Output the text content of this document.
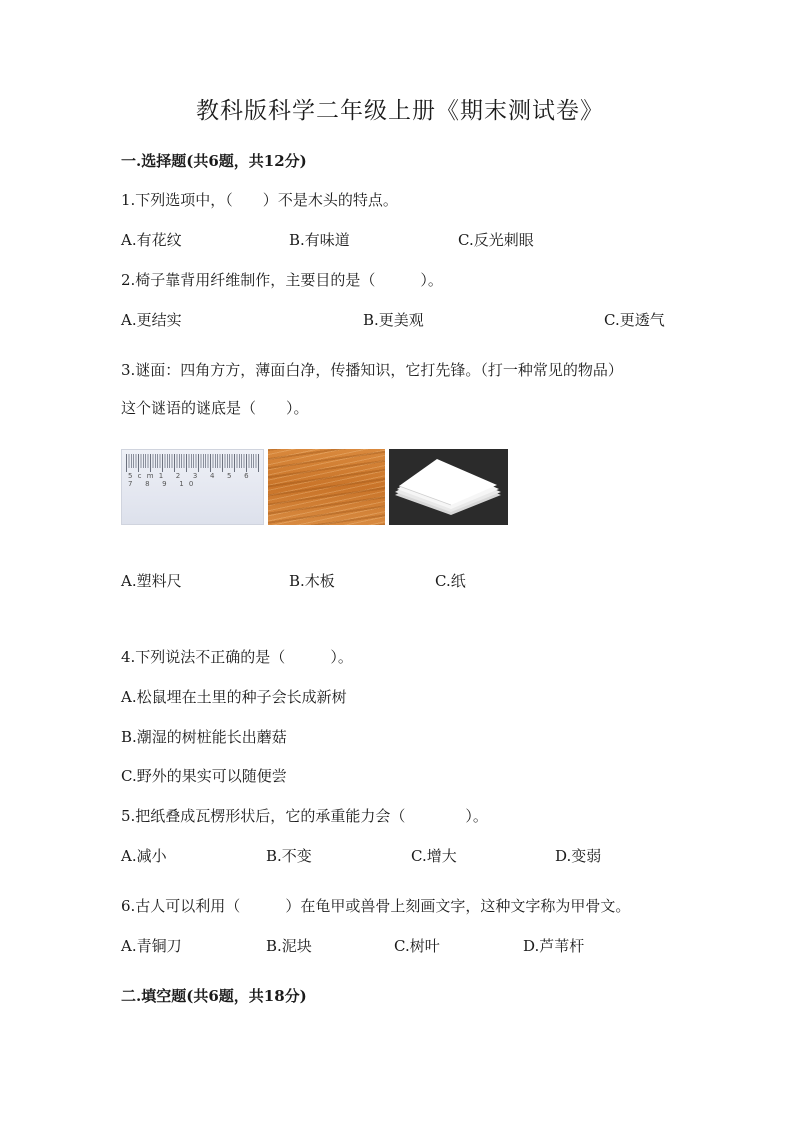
教科版科学二年级上册《期末测试卷》
一.选择题(共6题，共12分)
1.下列选项中，（　　）不是木头的特点。
A.有花纹	B.有味道	C.反光刺眼
2.椅子靠背用纤维制作，主要目的是（　　　）。
A.更结实	B.更美观	C.更透气
3.谜面：四角方方，薄面白净，传播知识，它打先锋。（打一种常见的物品）
这个谜语的谜底是（　　）。
5cm1 2 3 4 5 6 7 8 9 10
A.塑料尺	B.木板	C.纸
4.下列说法不正确的是（　　　）。
A.松鼠埋在土里的种子会长成新树
B.潮湿的树桩能长出蘑菇
C.野外的果实可以随便尝
5.把纸叠成瓦楞形状后，它的承重能力会（　　　　）。
A.减小	B.不变	C.增大	D.变弱
6.古人可以利用（　　　）在龟甲或兽骨上刻画文字，这种文字称为甲骨文。
A.青铜刀	B.泥块	C.树叶	D.芦苇杆
二.填空题(共6题，共18分)
